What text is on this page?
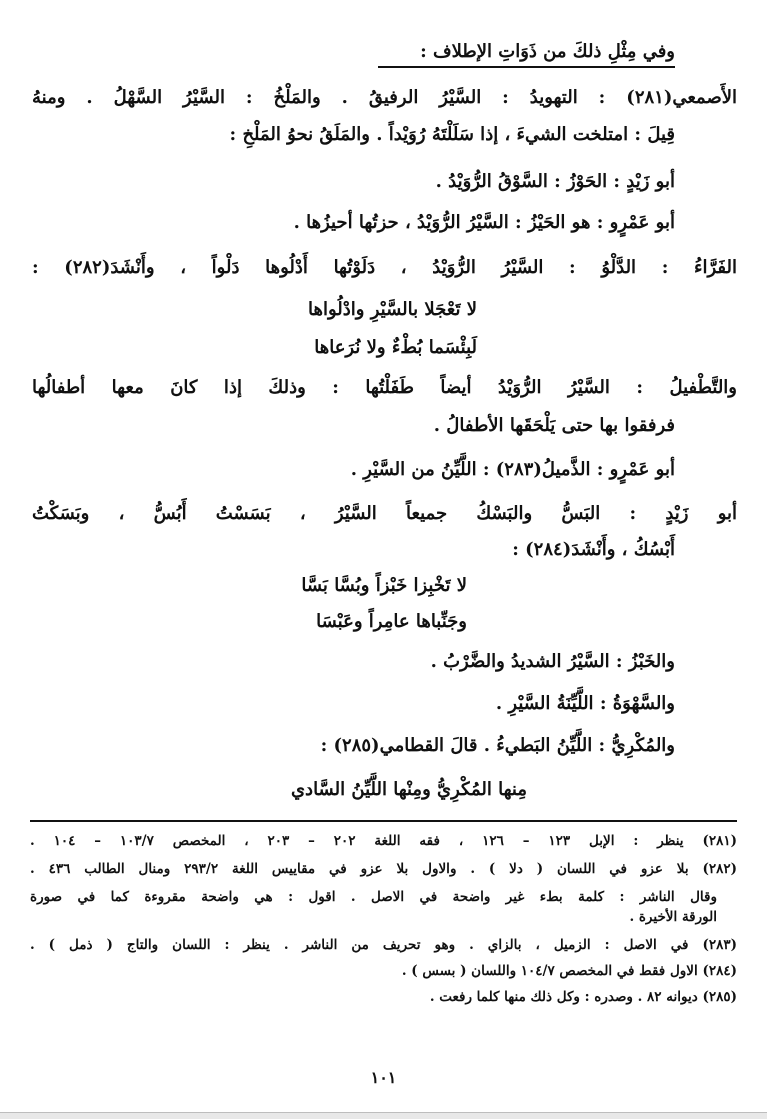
وفي مِثْلِ ذلكَ من ذَوَاتِ الإطلاف :
الأَصمعي(٢٨١) : التهويدُ : السَّيْرُ الرفيقُ . والمَلْخُ : السَّيْرُ السَّهْلُ . ومنهُ
قِيلَ : امتلخت الشيءَ ، إذا سَلَلْتَهُ رُوَيْداً . والمَلَقُ نحوُ المَلْخِ :
أبو زَيْدٍ : الحَوْزُ : السَّوْقُ الرُّوَيْدُ .
أبو عَمْرٍو : هو الحَيْزُ : السَّيْرُ الرُّوَيْدُ ، حزتُها أحيزُها .
الفَرَّاءُ : الدَّلْوُ : السَّيْرُ الرُّوَيْدُ ، دَلَوْتُها أَدْلُوها دَلْواً ، وأَنْشَدَ(٢٨٢) :
لا تَعْجَلا بالسَّيْرِ وادْلُواها
لَبِئْسَما بُطْءٌ ولا نُرَعاها
والتَّطْفيلُ : السَّيْرُ الرُّوَيْدُ أيضاً طَفَلْتُها : وذلكَ إذا كانَ معها أطفالُها
فرفقوا بها حتى يَلْحَقَها الأطفالُ .
أبو عَمْرٍو : الذَّميلُ(٢٨٣) : اللَّيِّنُ من السَّيْرِ .
أبو زَيْدٍ : البَسُّ والبَسْكُ جميعاً السَّيْرُ ، بَسَسْتُ أَبُسُّ ، وبَسَكْتُ
أَبْسُكُ ، وأَنْشَدَ(٢٨٤) :
لا تَخْبِزا خَبْزاً وبُسَّا بَسَّا
وجَنِّباها عامِراً وعَبْسَا
والخَبْزُ : السَّيْرُ الشديدُ والضَّرْبُ .
والسَّهْوَةُ : اللَّيِّنَةُ السَّيْرِ .
والمُكْرِيُّ : اللَّيِّنُ البَطيءُ . قالَ القطامي(٢٨٥) :
مِنها المُكْرِيُّ ومِنْها اللَّيِّنُ السَّادي
(٢٨١) ينظر : الإبل ١٢٣ – ١٢٦ ، فقه اللغة ٢٠٢ – ٢٠٣ ، المخصص ١٠٣/٧ – ١٠٤ .
(٢٨٢) بلا عزو في اللسان ( دلا ) . والاول بلا عزو في مقاييس اللغة ٢٩٣/٢ ومنال الطالب ٤٣٦ .
وقال الناشر : كلمة بطء غير واضحة في الاصل . اقول : هي واضحة مقروءة كما في صورة
الورقة الأخيرة .
(٢٨٣) في الاصل : الزميل ، بالزاي . وهو تحريف من الناشر . ينظر : اللسان والتاج ( ذمل ) .
(٢٨٤) الاول فقط في المخصص ١٠٤/٧ واللسان ( بسس ) .
(٢٨٥) ديوانه ٨٢ . وصدره : وكل ذلك منها كلما رفعت .
١٠١
